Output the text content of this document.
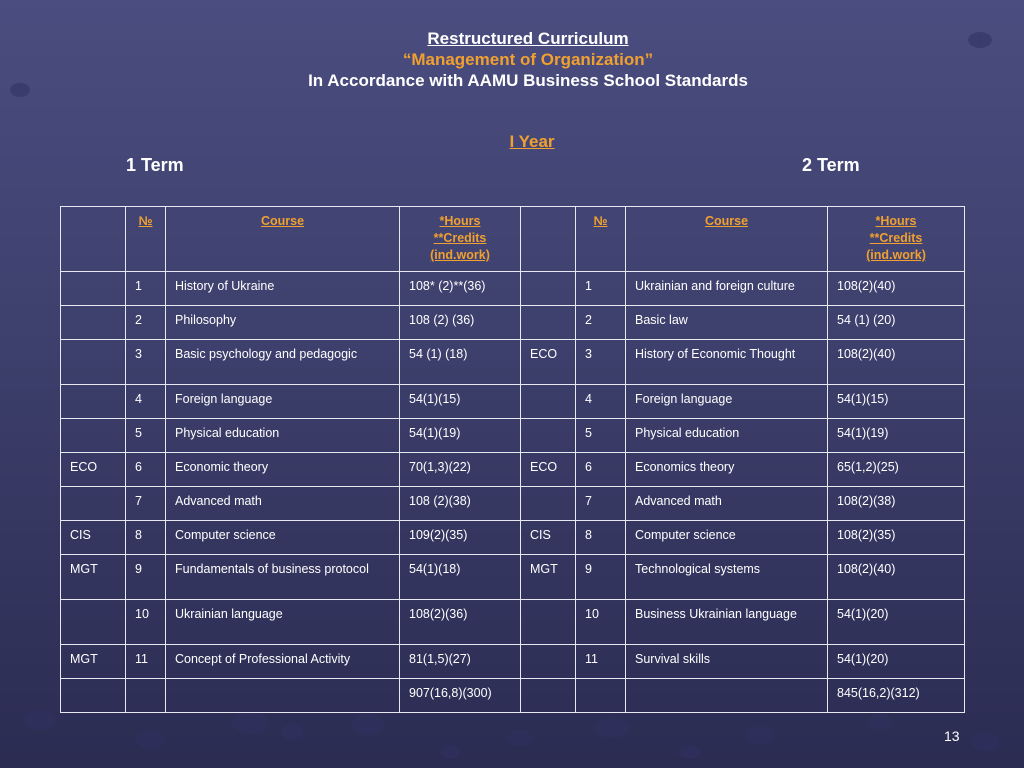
Restructured Curriculum
“Management of Organization”
In Accordance with AAMU Business School Standards
I Year
1 Term	2 Term
	№	Course	*Hours
**Credits
(ind.work)		№	Course	*Hours
**Credits
(ind.work)
	1	History of Ukraine	108* (2)**(36)		1	Ukrainian and foreign culture	108(2)(40)
	2	Philosophy	108 (2) (36)		2	Basic law	54 (1) (20)
	3	Basic psychology and pedagogic	54 (1) (18)	ECO	3	History of Economic Thought	108(2)(40)
	4	Foreign language	54(1)(15)		4	Foreign language	54(1)(15)
	5	Physical education	54(1)(19)		5	Physical education	54(1)(19)
ECO	6	Economic theory	70(1,3)(22)	ECO	6	Economics theory	65(1,2)(25)
	7	Advanced math	108 (2)(38)		7	Advanced math	108(2)(38)
CIS	8	Computer science	109(2)(35)	CIS	8	Computer science	108(2)(35)
MGT	9	Fundamentals of business protocol	54(1)(18)	MGT	9	Technological systems	108(2)(40)
	10	Ukrainian language	108(2)(36)		10	Business Ukrainian language	54(1)(20)
MGT	11	Concept of Professional Activity	81(1,5)(27)		11	Survival skills	54(1)(20)
			907(16,8)(300)				845(16,2)(312)
13
